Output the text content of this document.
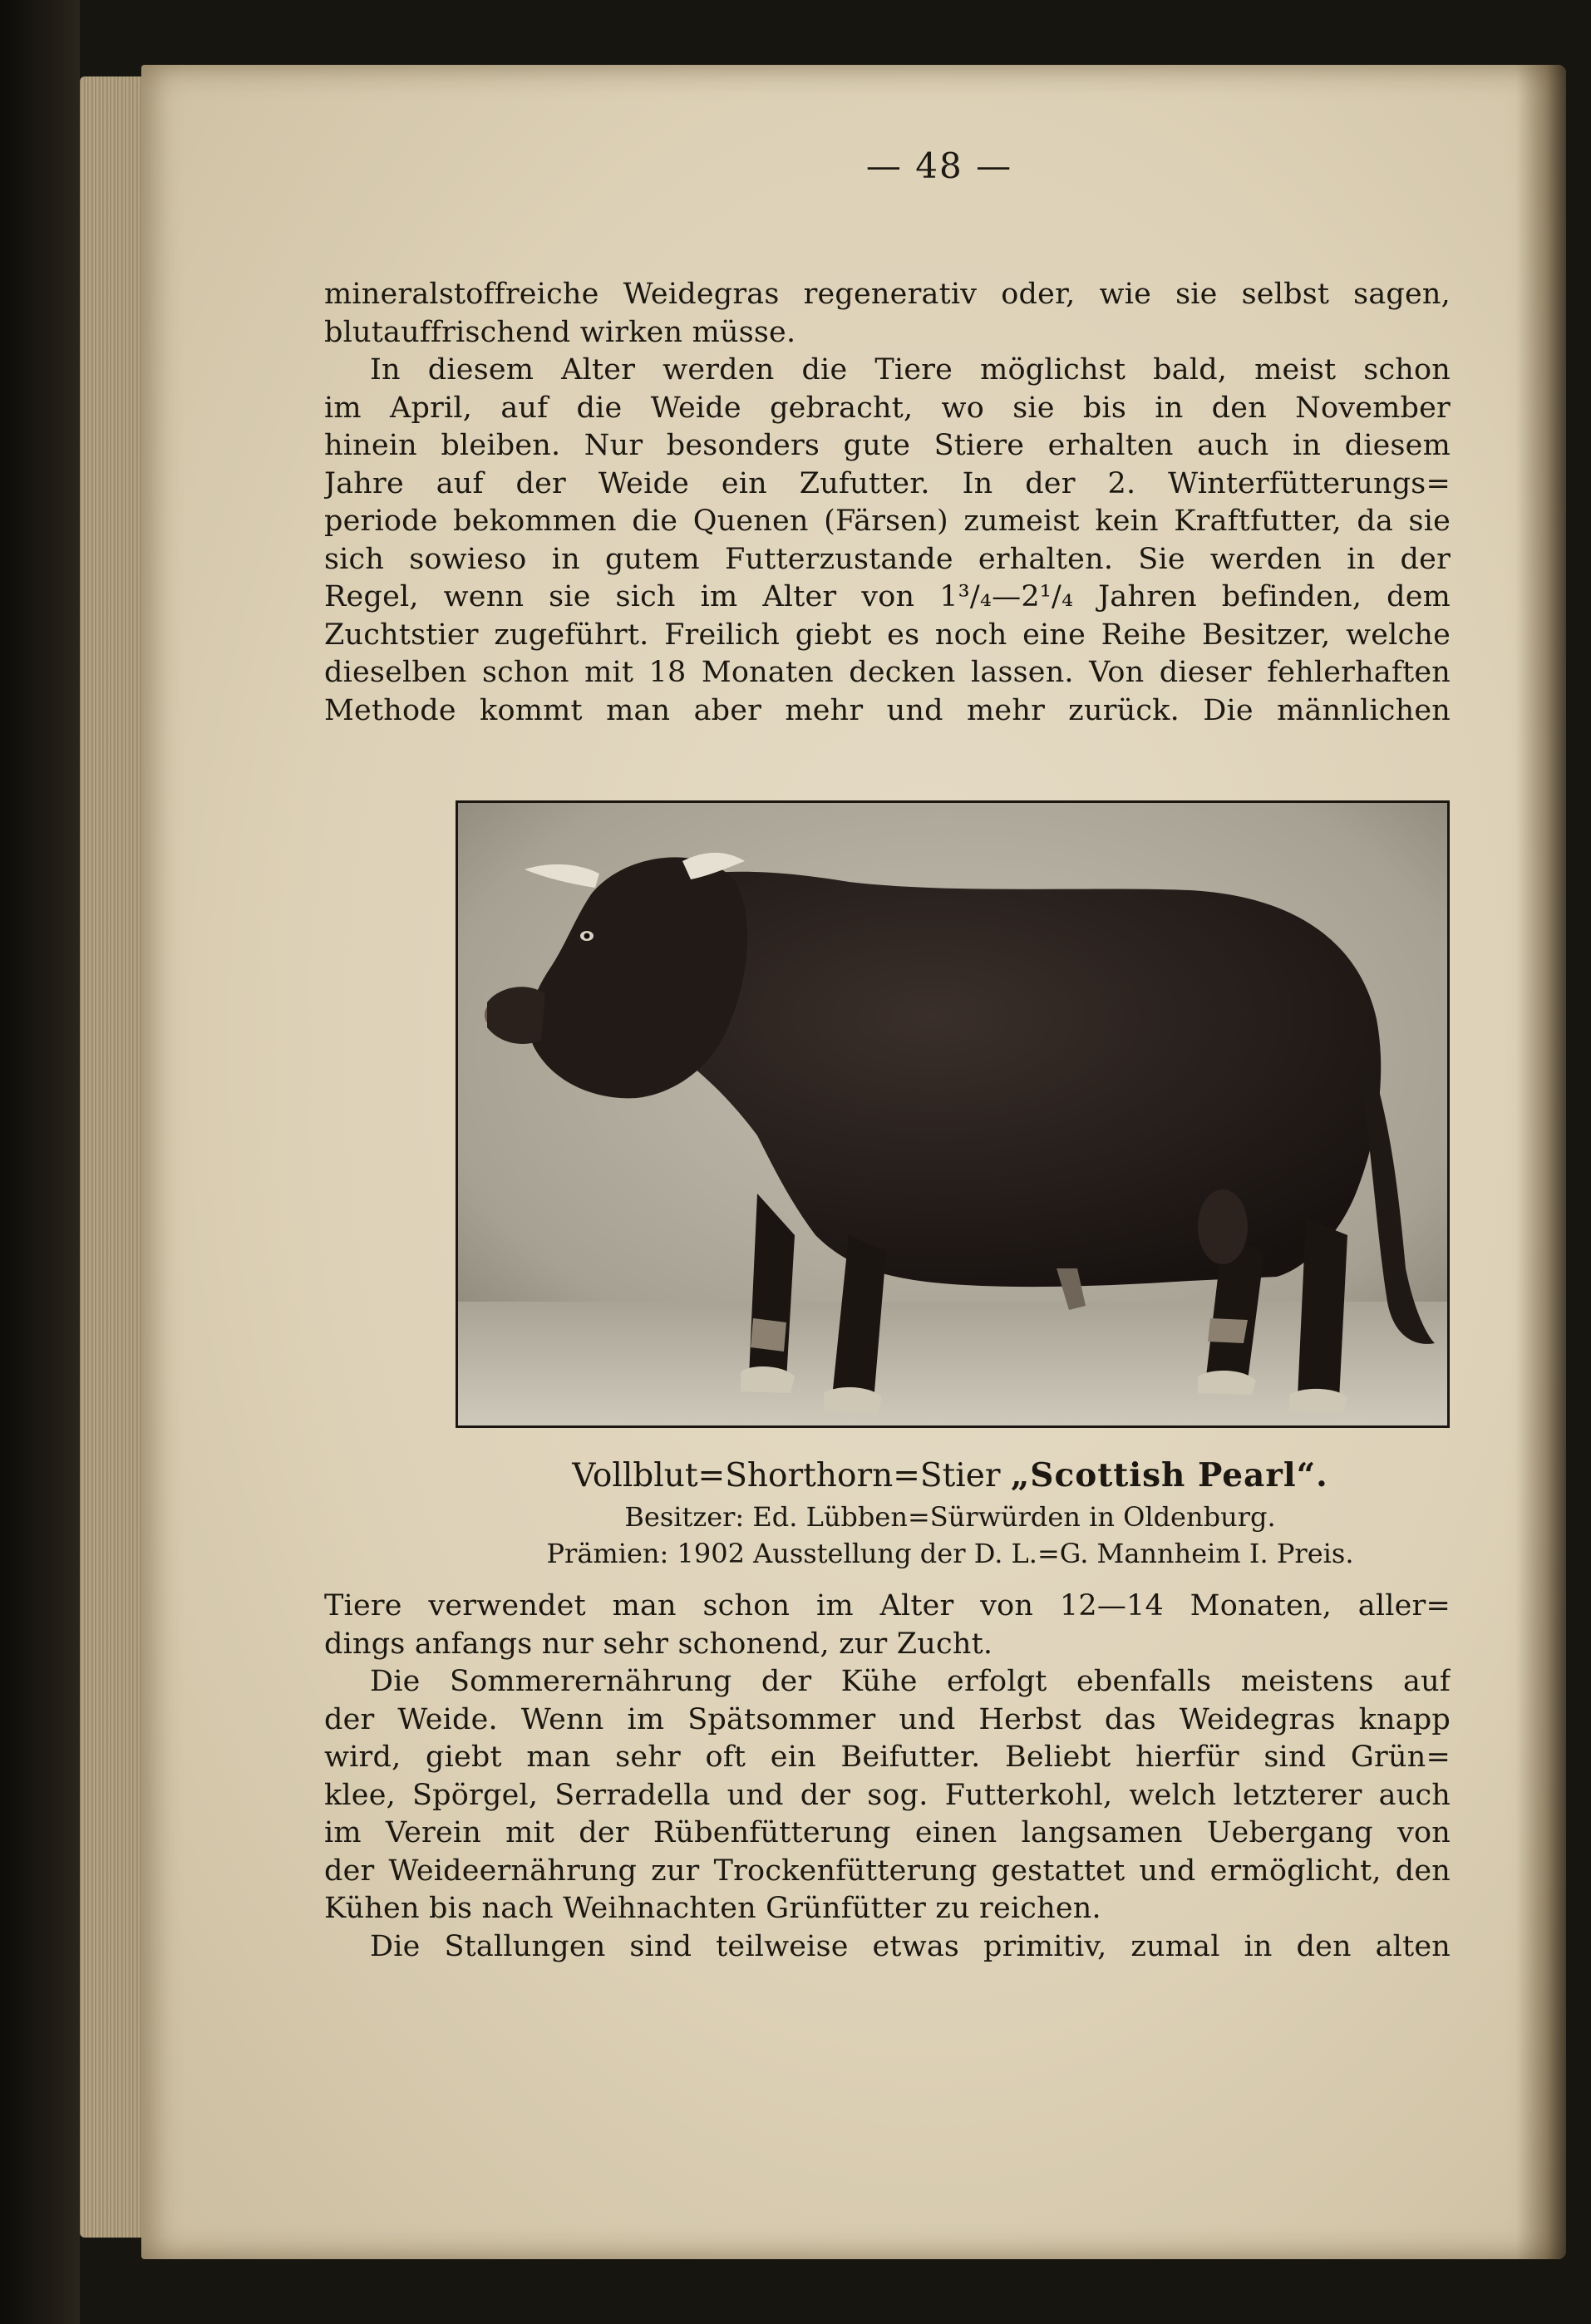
— 48 —
mineralstoffreiche Weidegras regenerativ oder, wie sie selbst sagen,
blutauffrischend wirken müsse.
In diesem Alter werden die Tiere möglichst bald, meist schon
im April, auf die Weide gebracht, wo sie bis in den November
hinein bleiben. Nur besonders gute Stiere erhalten auch in diesem
Jahre auf der Weide ein Zufutter. In der 2. Winterfütterungs=
periode bekommen die Quenen (Färsen) zumeist kein Kraftfutter, da sie
sich sowieso in gutem Futterzustande erhalten. Sie werden in der
Regel, wenn sie sich im Alter von 1³/₄—2¹/₄ Jahren befinden, dem
Zuchtstier zugeführt. Freilich giebt es noch eine Reihe Besitzer, welche
dieselben schon mit 18 Monaten decken lassen. Von dieser fehlerhaften
Methode kommt man aber mehr und mehr zurück. Die männlichen
Vollblut=Shorthorn=Stier „Scottish Pearl“.
Besitzer: Ed. Lübben=Sürwürden in Oldenburg.
Prämien: 1902 Ausstellung der D. L.=G. Mannheim I. Preis.
Tiere verwendet man schon im Alter von 12—14 Monaten, aller=
dings anfangs nur sehr schonend, zur Zucht.
Die Sommerernährung der Kühe erfolgt ebenfalls meistens auf
der Weide. Wenn im Spätsommer und Herbst das Weidegras knapp
wird, giebt man sehr oft ein Beifutter. Beliebt hierfür sind Grün=
klee, Spörgel, Serradella und der sog. Futterkohl, welch letzterer auch
im Verein mit der Rübenfütterung einen langsamen Uebergang von
der Weideernährung zur Trockenfütterung gestattet und ermöglicht, den
Kühen bis nach Weihnachten Grünfütter zu reichen.
Die Stallungen sind teilweise etwas primitiv, zumal in den alten
